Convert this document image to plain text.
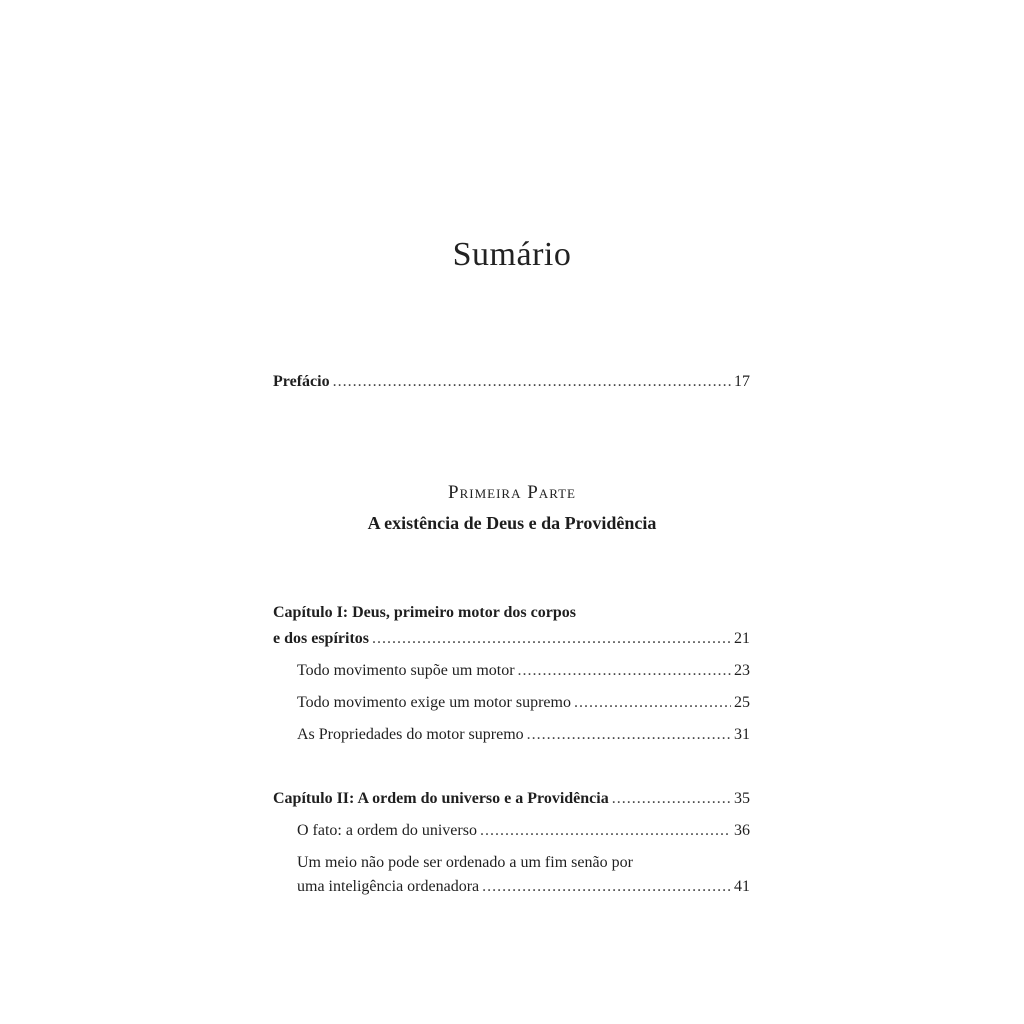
Sumário
Prefácio .....	17
Primeira Parte
A existência de Deus e da Providência
Capítulo I: Deus, primeiro motor dos corpos
e dos espíritos .....	21
Todo movimento supõe um motor .....	23
Todo movimento exige um motor supremo .....	25
As Propriedades do motor supremo .....	31
Capítulo II: A ordem do universo e a Providência .....	35
O fato: a ordem do universo .....	36
Um meio não pode ser ordenado a um fim senão por
uma inteligência ordenadora .....	41
